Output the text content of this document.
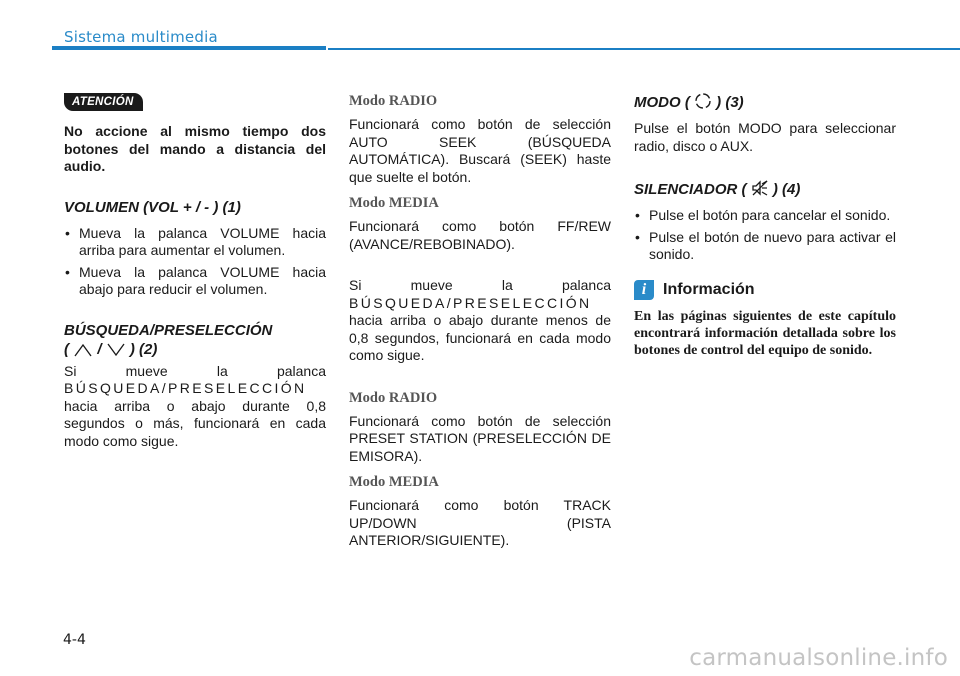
Sistema multimedia
ATENCIÓN
No accione al mismo tiempo dos botones del mando a distancia del audio.
VOLUMEN (VOL + / - ) (1)
• Mueva la palanca VOLUME hacia arriba para aumentar el volumen.
• Mueva la palanca VOLUME hacia abajo para reducir el volumen.
BÚSQUEDA/PRESELECCIÓN
( / ) (2)
Si mueve la palanca
BÚSQUEDA/PRESELECCIÓN
hacia arriba o abajo durante 0,8 segundos o más, funcionará en cada modo como sigue.
Modo RADIO
Funcionará como botón de selección AUTO SEEK (BÚSQUEDA AUTOMÁTICA). Buscará (SEEK) haste que suelte el botón.
Modo MEDIA
Funcionará como botón FF/REW (AVANCE/REBOBINADO).
Si mueve la palanca
BÚSQUEDA/PRESELECCIÓN
hacia arriba o abajo durante menos de 0,8 segundos, funcionará en cada modo como sigue.
Modo RADIO
Funcionará como botón de selección PRESET STATION (PRESELECCIÓN DE EMISORA).
Modo MEDIA
Funcionará como botón TRACK UP/DOWN (PISTA ANTERIOR/SIGUIENTE).
MODO ( ) (3)
Pulse el botón MODO para seleccionar radio, disco o AUX.
SILENCIADOR ( ) (4)
• Pulse el botón para cancelar el sonido.
• Pulse el botón de nuevo para activar el sonido.
i	Información
En las páginas siguientes de este capítulo encontrará información detallada sobre los botones de control del equipo de sonido.
4-4
carmanualsonline.info
